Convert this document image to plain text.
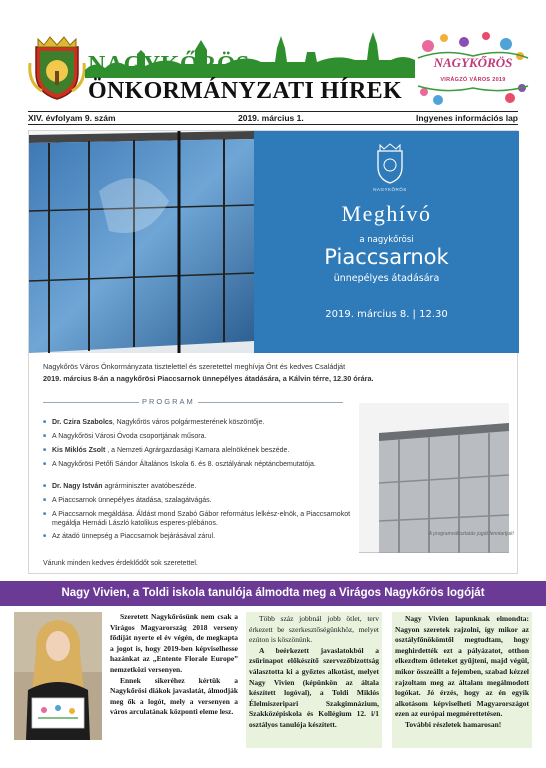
NAGYKŐRÖS
ÖNKORMÁNYZATI HÍREK
NAGYKŐRÖS
VIRÁGZÓ VÁROS 2019
XIV. évfolyam 9. szám	2019. március 1.	Ingyenes információs lap
NAGYKŐRÖS
Meghívó
a nagykőrösi
Piaccsarnok
ünnepélyes átadására
2019. március 8. | 12.30
Nagykőrös Város Önkormányzata tisztelettel és szeretettel meghívja Önt és kedves Családját
2019. március 8-án a nagykőrösi Piaccsarnok ünnepélyes átadására, a Kálvin térre, 12.30 órára.
PROGRAM
■ Dr. Czira Szabolcs, Nagykőrös város polgármesterének köszöntője.
■ A Nagykőrösi Városi Óvoda csoportjának műsora.
■ Kis Miklós Zsolt , a Nemzeti Agrárgazdasági Kamara alelnökének beszéde.
■ A Nagykőrösi Petőfi Sándor Általános Iskola 6. és 8. osztályának néptáncbemutatója.
■ Dr. Nagy István agrárminiszter avatóbeszéde.
■ A Piaccsarnok ünnepélyes átadása, szalagátvágás.
■ A Piaccsarnok megáldása. Áldást mond Szabó Gábor református lelkész-elnök, a Piaccsarnokot megáldja Hernádi László katolikus esperes-plébános.
■ Az átadó ünnepség a Piaccsarnok bejárásával zárul.
Várunk minden kedves érdeklődőt sok szeretettel.
A programváltoztatás jogát fenntartjuk!
Nagy Vivien, a Toldi iskola tanulója álmodta meg a Virágos Nagykőrös logóját

Szeretett Nagykőrösünk nem csak a Virágos Magyarország 2018 verseny fődíját nyerte el év végén, de megkapta a jogot is, hogy 2019-ben képviselhesse hazánkat az „Entente Florale Europe” nemzetközi versenyen.

Ennek sikeréhez kértük a Nagykőrösi diákok javaslatát, álmodják meg ők a logót, mely a versenyen a város arculatának központi eleme lesz.

Több száz jobbnál jobb ötlet, terv érkezett be szerkesztőségünkhöz, melyet ezúton is köszönünk.

A beérkezett javaslatokból a zsűrinapot előkészítő szervezőbizottság választotta ki a győztes alkotást, melyet Nagy Vivien (képünkön az általa készített logóval), a Toldi Miklós Élelmiszeripari Szakgimnázium, Szakközépiskola és Kollégium 12. i/1 osztályos tanulója készített.

Nagy Vivien lapunknak elmondta: Nagyon szeretek rajzolni, így mikor az osztályfőnökömtől megtudtam, hogy meghirdették ezt a pályázatot, otthon elkezdtem ötleteket gyűjteni, majd végül, mikor összeállt a fejemben, szabad kézzel rajzoltam meg az általam megálmodott logókat. Jó érzés, hogy az én egyik alkotásom képviselheti Magyarországot ezen az európai megmérettetésen.

További részletek hamarosan!
